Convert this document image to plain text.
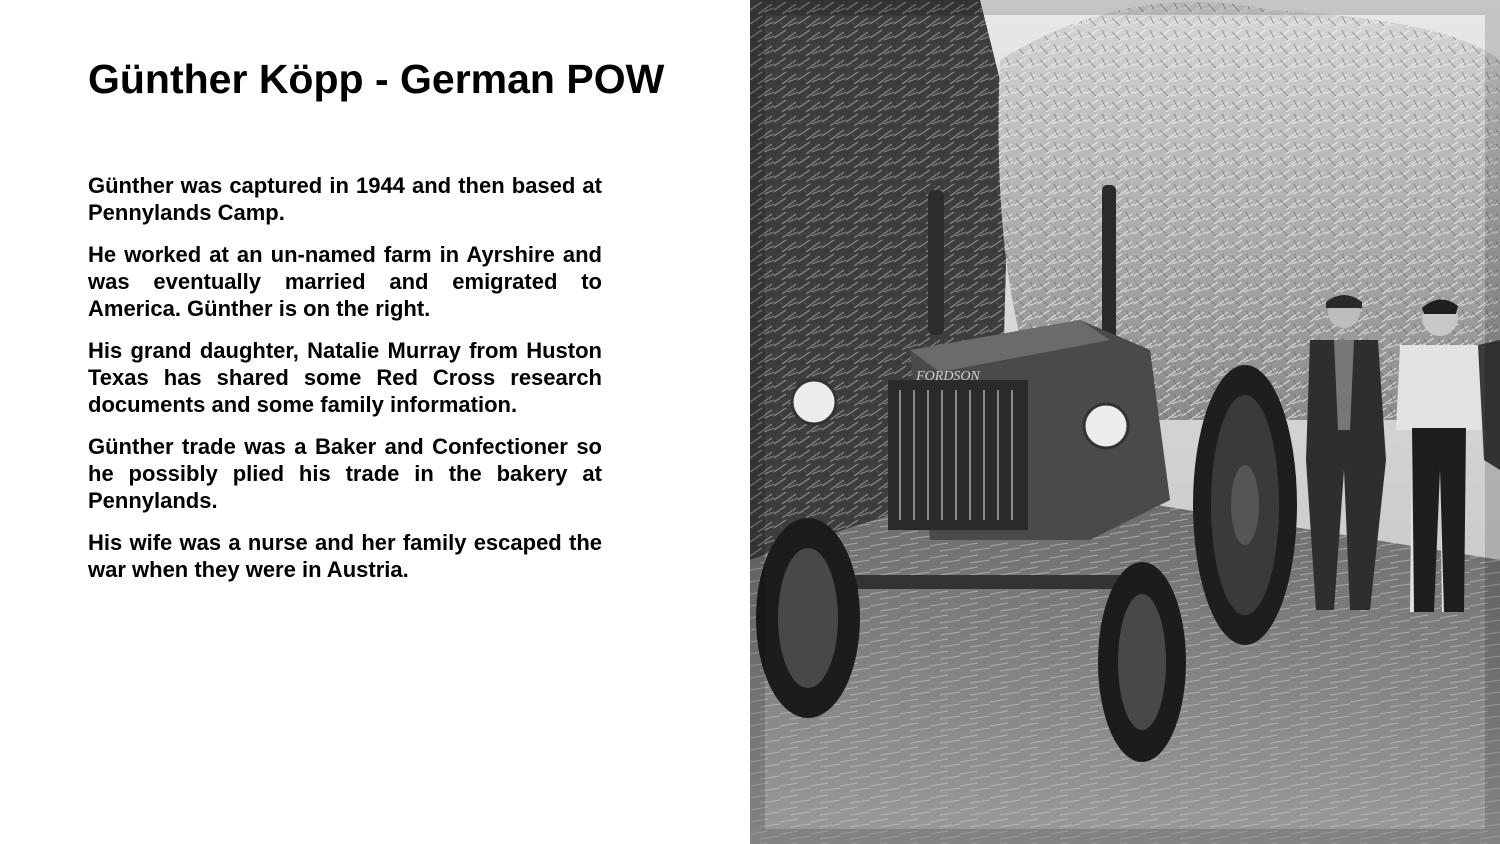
Günther Köpp - German POW

Günther was captured in 1944 and then based at Pennylands Camp.

He worked at an un-named farm in Ayrshire and was eventually married and emigrated to America. Günther is on the right.

His grand daughter, Natalie Murray from Huston Texas has shared some Red Cross research documents and some family information.

Günther trade was a Baker and Confectioner so he possibly plied his trade in the bakery at Pennylands.

His wife was a nurse and her family escaped the war when they were in Austria.

FORDSON
